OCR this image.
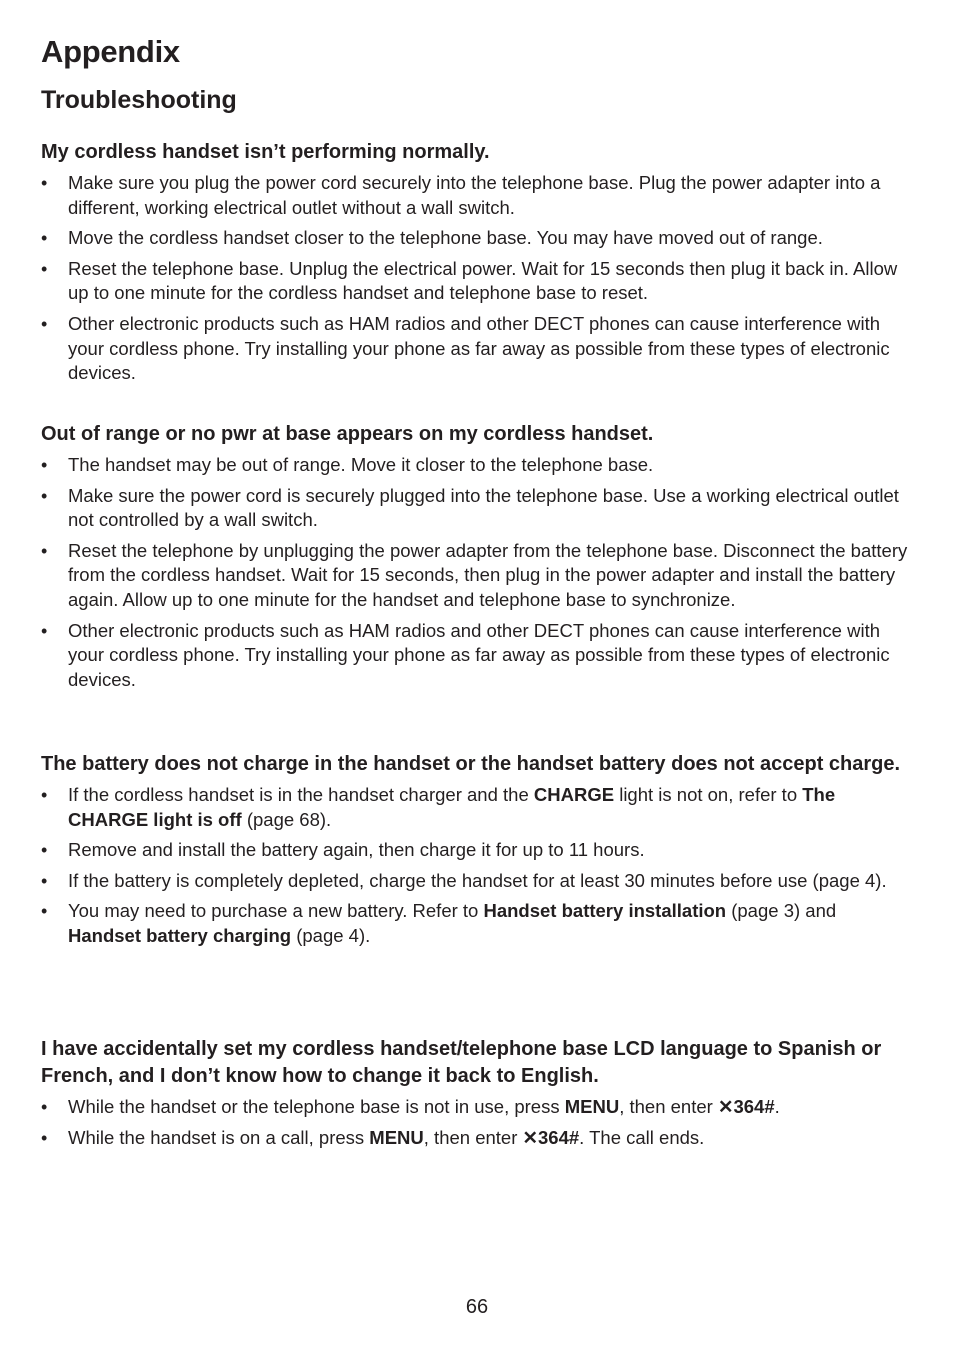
Appendix
Troubleshooting
My cordless handset isn’t performing normally.
• Make sure you plug the power cord securely into the telephone base. Plug the power adapter into a different, working electrical outlet without a wall switch.
• Move the cordless handset closer to the telephone base. You may have moved out of range.
• Reset the telephone base. Unplug the electrical power. Wait for 15 seconds then plug it back in. Allow up to one minute for the cordless handset and telephone base to reset.
• Other electronic products such as HAM radios and other DECT phones can cause interference with your cordless phone. Try installing your phone as far away as possible from these types of electronic devices.
Out of range or no pwr at base appears on my cordless handset.
• The handset may be out of range. Move it closer to the telephone base.
• Make sure the power cord is securely plugged into the telephone base. Use a working electrical outlet not controlled by a wall switch.
• Reset the telephone by unplugging the power adapter from the telephone base. Disconnect the battery from the cordless handset. Wait for 15 seconds, then plug in the power adapter and install the battery again. Allow up to one minute for the handset and telephone base to synchronize.
• Other electronic products such as HAM radios and other DECT phones can cause interference with your cordless phone. Try installing your phone as far away as possible from these types of electronic devices.
The battery does not charge in the handset or the handset battery does not accept charge.
• If the cordless handset is in the handset charger and the CHARGE light is not on, refer to The CHARGE light is off (page 68).
• Remove and install the battery again, then charge it for up to 11 hours.
• If the battery is completely depleted, charge the handset for at least 30 minutes before use (page 4).
• You may need to purchase a new battery. Refer to Handset battery installation (page 3) and Handset battery charging (page 4).
I have accidentally set my cordless handset/telephone base LCD language to Spanish or French, and I don’t know how to change it back to English.
• While the handset or the telephone base is not in use, press MENU, then enter ✕364#.
• While the handset is on a call, press MENU, then enter ✕364#. The call ends.
66
